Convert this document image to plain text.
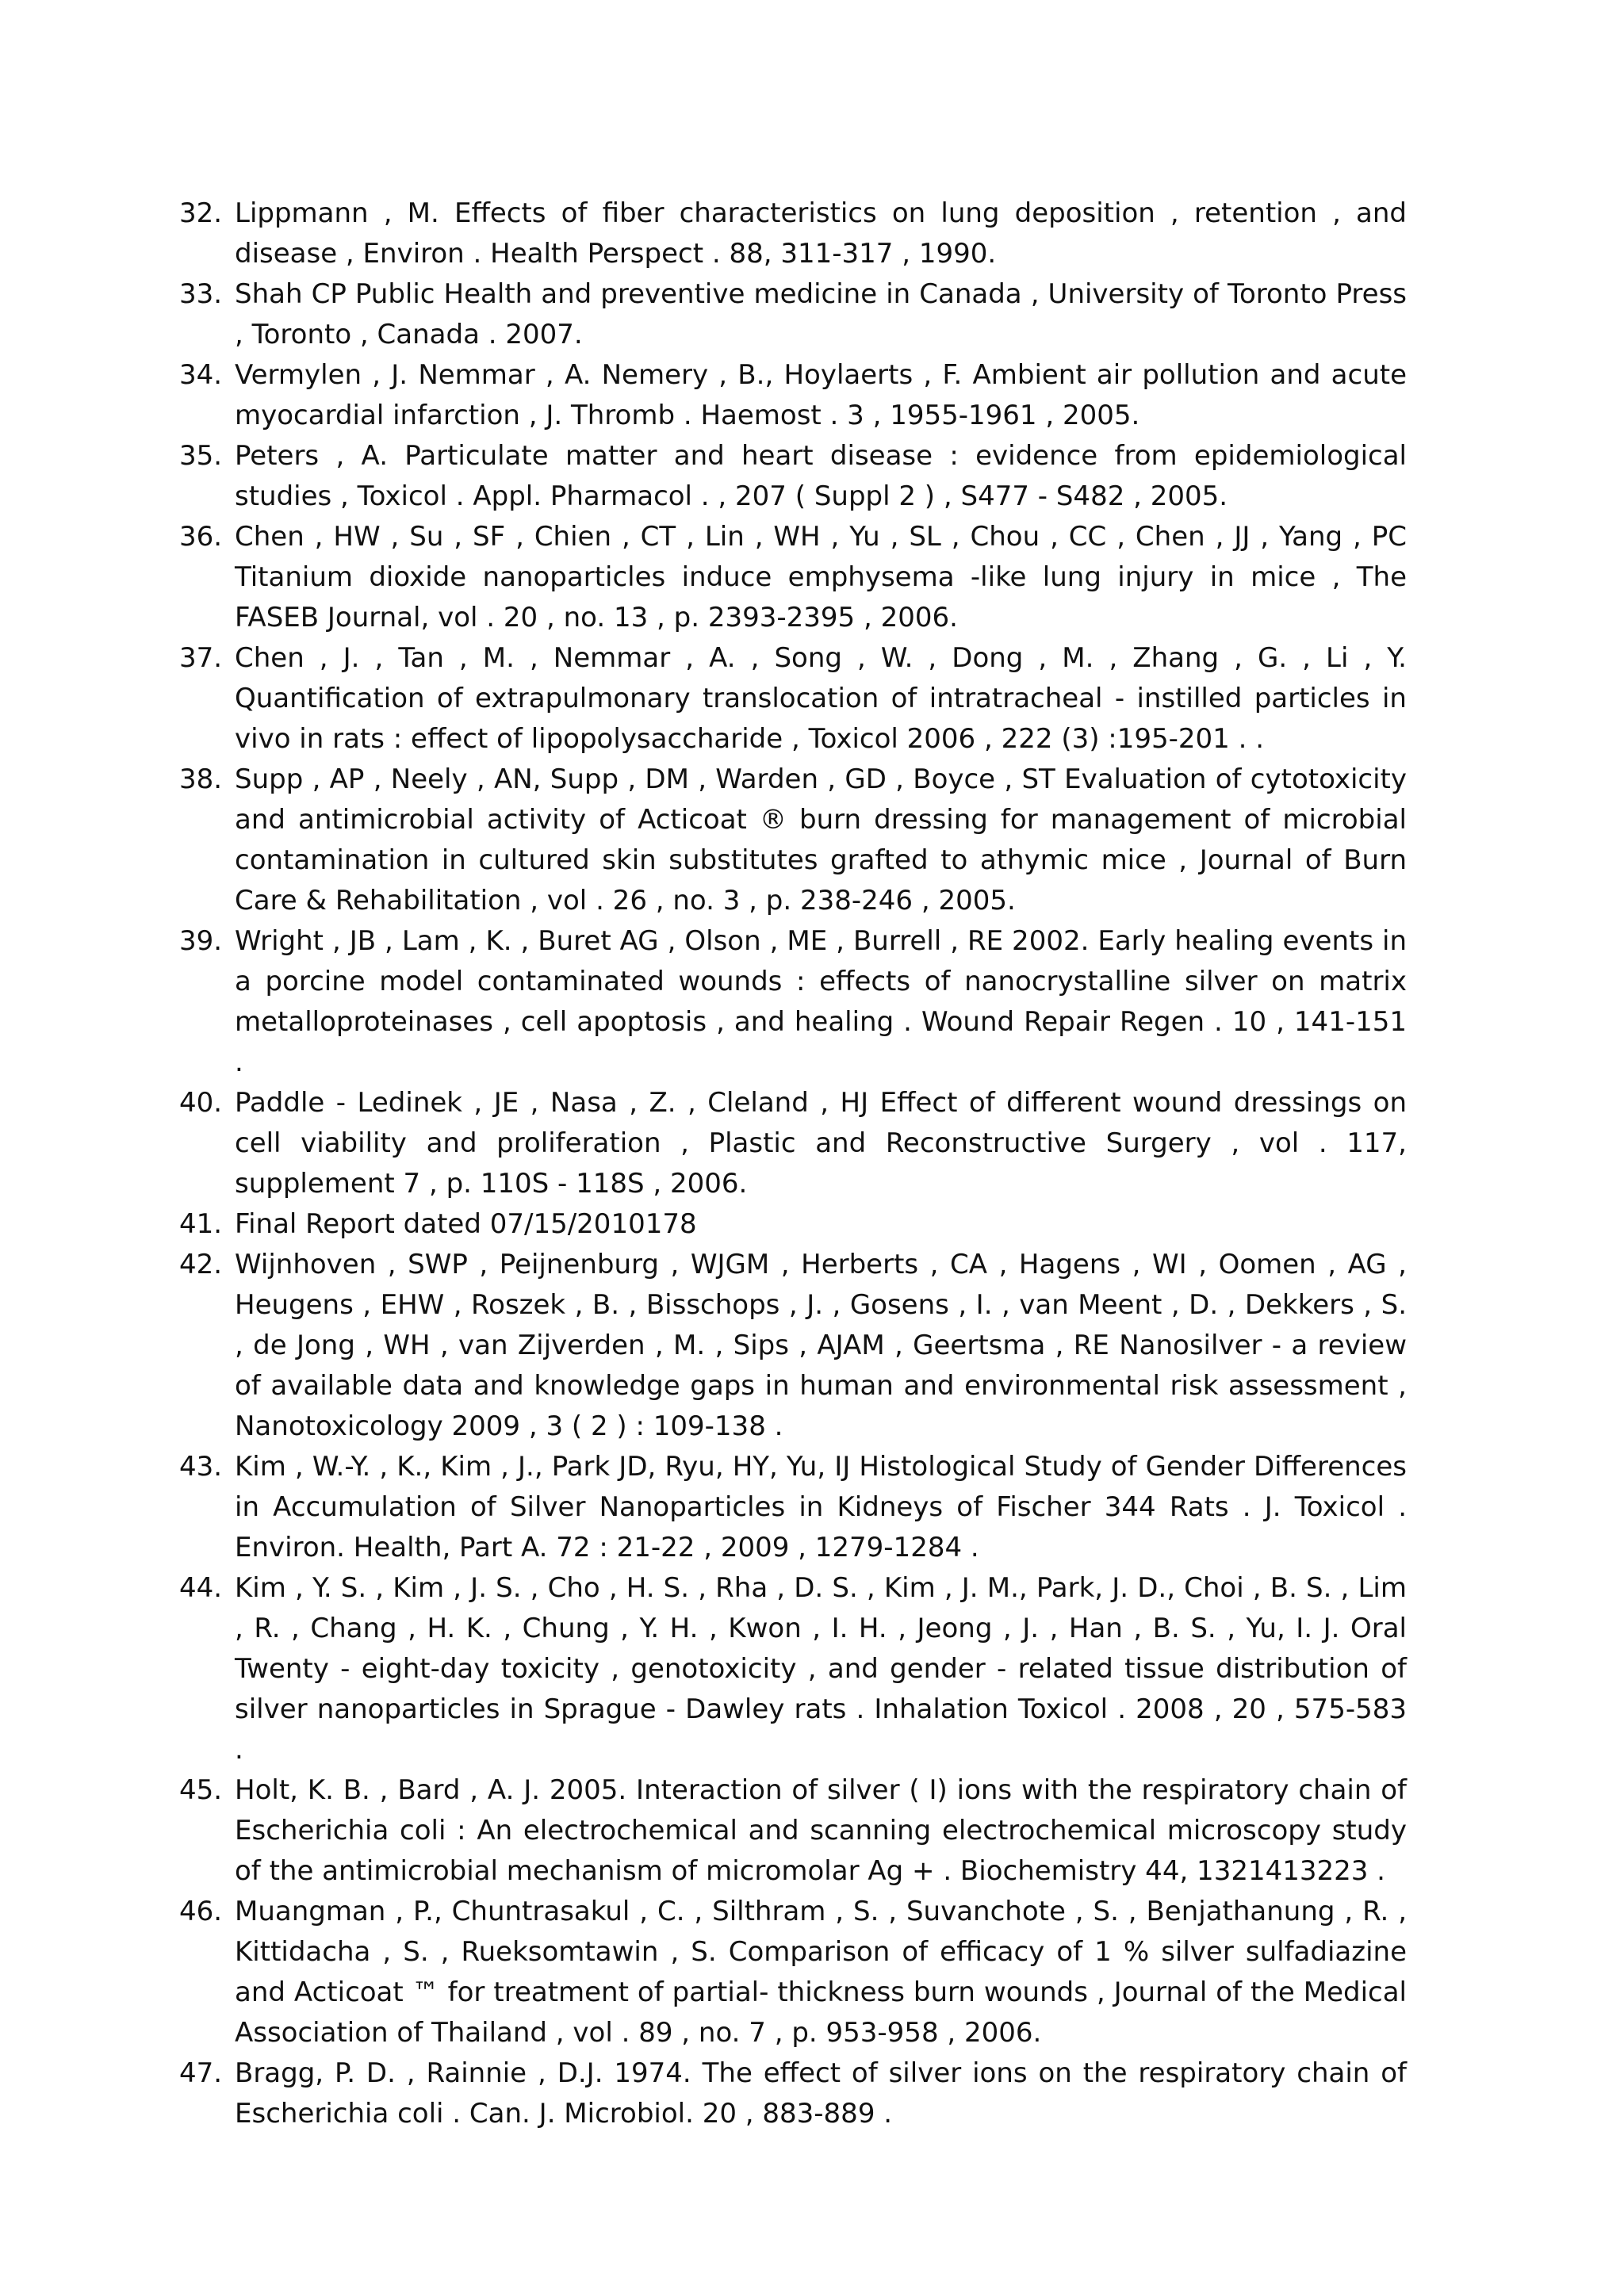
32. Lippmann , M. Effects of fiber characteristics on lung deposition , retention , and disease , Environ . Health Perspect . 88, 311-317 , 1990.
33. Shah CP Public Health and preventive medicine in Canada , University of Toronto Press , Toronto , Canada . 2007.
34. Vermylen , J. Nemmar , A. Nemery , B., Hoylaerts , F. Ambient air pollution and acute myocardial infarction , J. Thromb . Haemost . 3 , 1955-1961 , 2005.
35. Peters , A. Particulate matter and heart disease : evidence from epidemiological studies , Toxicol . Appl. Pharmacol . , 207 ( Suppl 2 ) , S477 - S482 , 2005.
36. Chen , HW , Su , SF , Chien , CT , Lin , WH , Yu , SL , Chou , CC , Chen , JJ , Yang , PC Titanium dioxide nanoparticles induce emphysema -like lung injury in mice , The FASEB Journal, vol . 20 , no. 13 , p. 2393-2395 , 2006.
37. Chen , J. , Tan , M. , Nemmar , A. , Song , W. , Dong , M. , Zhang , G. , Li , Y. Quantification of extrapulmonary translocation of intratracheal - instilled particles in vivo in rats : effect of lipopolysaccharide , Toxicol 2006 , 222 (3) :195-201 . .
38. Supp , AP , Neely , AN, Supp , DM , Warden , GD , Boyce , ST Evaluation of cytotoxicity and antimicrobial activity of Acticoat ® burn dressing for management of microbial contamination in cultured skin substitutes grafted to athymic mice , Journal of Burn Care & Rehabilitation , vol . 26 , no. 3 , p. 238-246 , 2005.
39. Wright , JB , Lam , K. , Buret AG , Olson , ME , Burrell , RE 2002. Early healing events in a porcine model contaminated wounds : effects of nanocrystalline silver on matrix metalloproteinases , cell apoptosis , and healing . Wound Repair Regen . 10 , 141-151 .
40. Paddle - Ledinek , JE , Nasa , Z. , Cleland , HJ Effect of different wound dressings on cell viability and proliferation , Plastic and Reconstructive Surgery , vol . 117, supplement 7 , p. 110S - 118S , 2006.
41. Final Report dated 07/15/2010178
42. Wijnhoven , SWP , Peijnenburg , WJGM , Herberts , CA , Hagens , WI , Oomen , AG , Heugens , EHW , Roszek , B. , Bisschops , J. , Gosens , I. , van Meent , D. , Dekkers , S. , de Jong , WH , van Zijverden , M. , Sips , AJAM , Geertsma , RE Nanosilver - a review of available data and knowledge gaps in human and environmental risk assessment , Nanotoxicology 2009 , 3 ( 2 ) : 109-138 .
43. Kim , W.-Y. , K., Kim , J., Park JD, Ryu, HY, Yu, IJ Histological Study of Gender Differences in Accumulation of Silver Nanoparticles in Kidneys of Fischer 344 Rats . J. Toxicol . Environ. Health, Part A. 72 : 21-22 , 2009 , 1279-1284 .
44. Kim , Y. S. , Kim , J. S. , Cho , H. S. , Rha , D. S. , Kim , J. M., Park, J. D., Choi , B. S. , Lim , R. , Chang , H. K. , Chung , Y. H. , Kwon , I. H. , Jeong , J. , Han , B. S. , Yu, I. J. Oral Twenty - eight-day toxicity , genotoxicity , and gender - related tissue distribution of silver nanoparticles in Sprague - Dawley rats . Inhalation Toxicol . 2008 , 20 , 575-583 .
45. Holt, K. B. , Bard , A. J. 2005. Interaction of silver ( I) ions with the respiratory chain of Escherichia coli : An electrochemical and scanning electrochemical microscopy study of the antimicrobial mechanism of micromolar Ag + . Biochemistry 44, 1321413223 .
46. Muangman , P., Chuntrasakul , C. , Silthram , S. , Suvanchote , S. , Benjathanung , R. , Kittidacha , S. , Rueksomtawin , S. Comparison of efficacy of 1 % silver sulfadiazine and Acticoat ™ for treatment of partial- thickness burn wounds , Journal of the Medical Association of Thailand , vol . 89 , no. 7 , p. 953-958 , 2006.
47. Bragg, P. D. , Rainnie , D.J. 1974. The effect of silver ions on the respiratory chain of Escherichia coli . Can. J. Microbiol. 20 , 883-889 .
